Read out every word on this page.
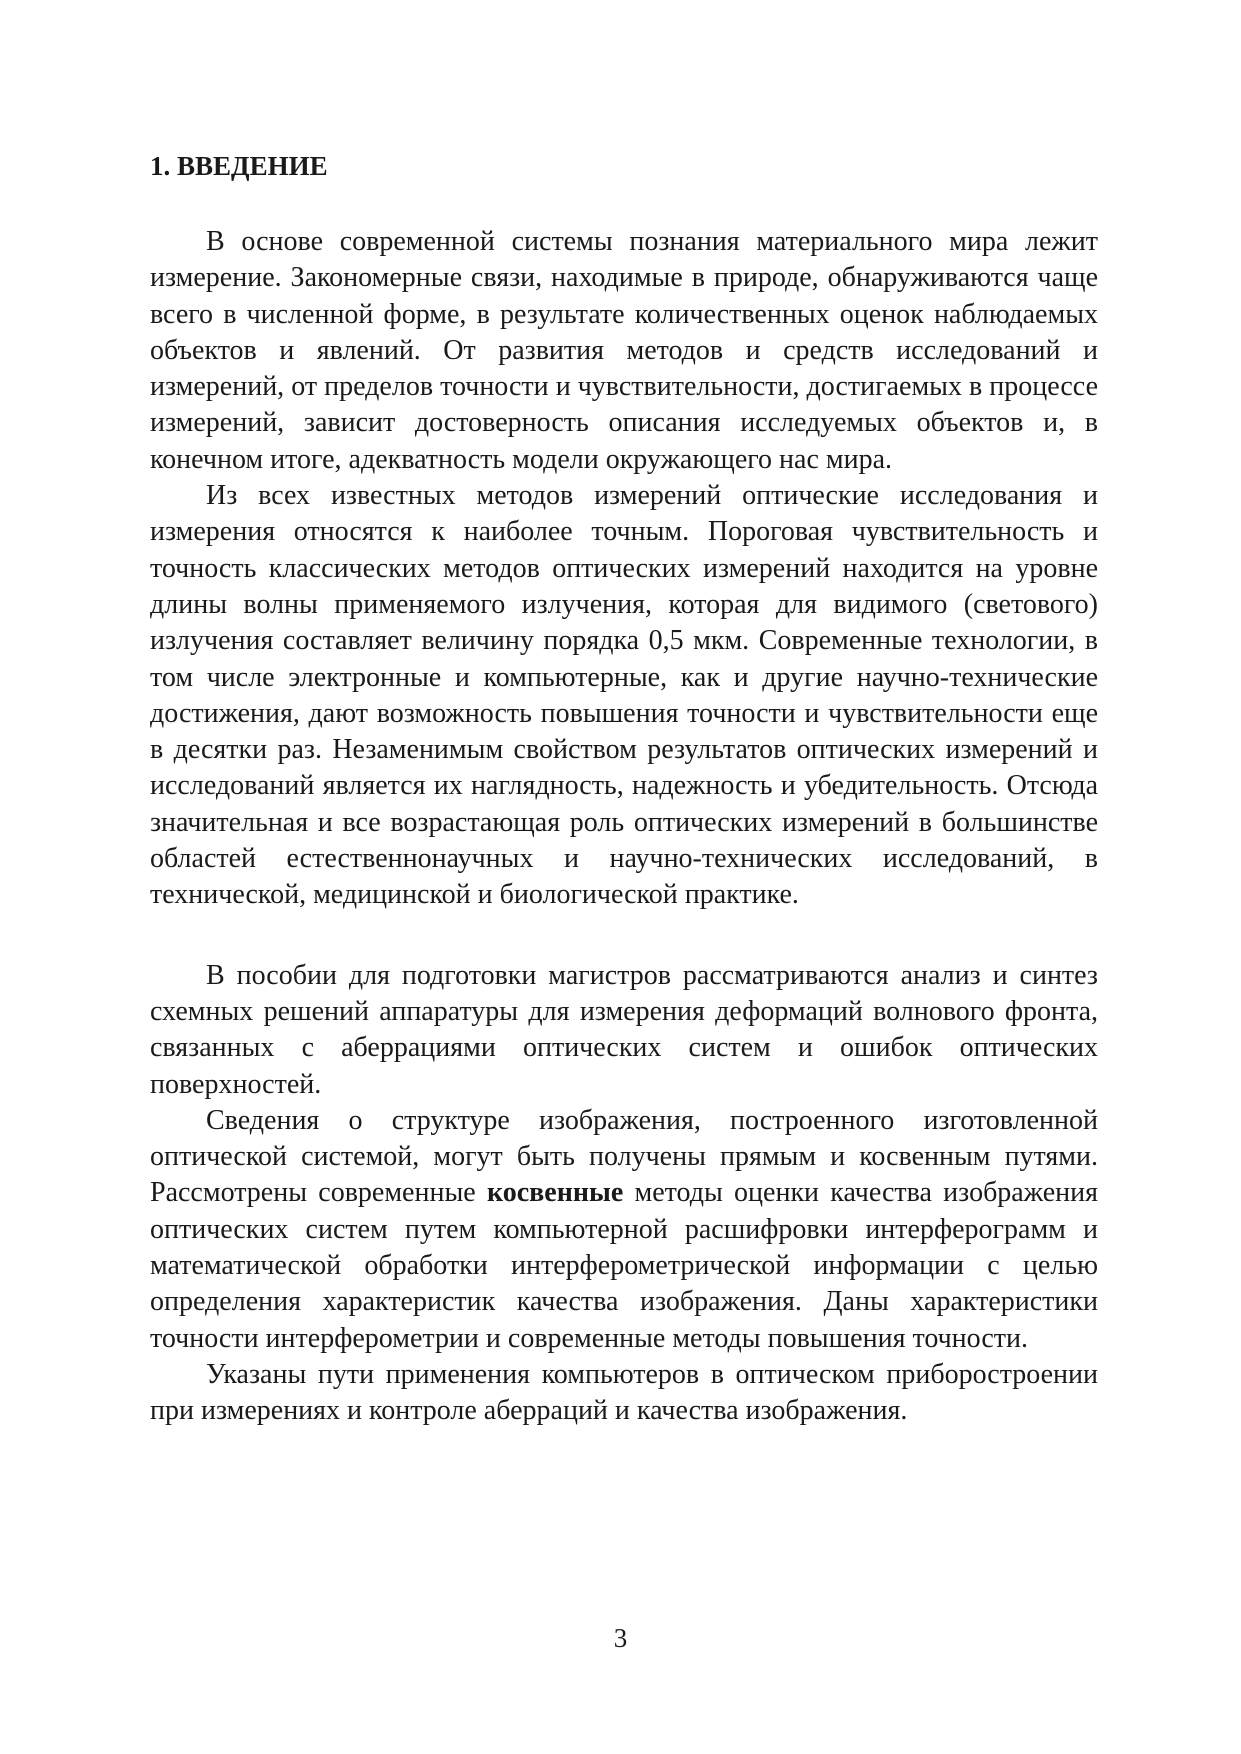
1. ВВЕДЕНИЕ

В основе современной системы познания материального мира лежит измерение. Закономерные связи, находимые в природе, обнаруживаются чаще всего в численной форме, в результате количественных оценок наблюдаемых объектов и явлений. От развития методов и средств исследований и измерений, от пределов точности и чувствительности, достигаемых в процессе измерений, зависит достоверность описания исследуемых объектов и, в конечном итоге, адекватность модели окружающего нас мира.

Из всех известных методов измерений оптические исследования и измерения относятся к наиболее точным. Пороговая чувствительность и точность классических методов оптических измерений находится на уровне длины волны применяемого излучения, которая для видимого (светового) излучения составляет величину порядка 0,5 мкм. Современные технологии, в том числе электронные и компьютерные, как и другие научно-технические достижения, дают возможность повышения точности и чувствительности еще в десятки раз. Незаменимым свойством результатов оптических измерений и исследований является их наглядность, надежность и убедительность. Отсюда значительная и все возрастающая роль оптических измерений в большинстве областей естественнонаучных и научно-технических исследований, в технической, медицинской и биологической практике.

В пособии для подготовки магистров рассматриваются анализ и синтез схемных решений аппаратуры для измерения деформаций волнового фронта, связанных с аберрациями оптических систем и ошибок оптических поверхностей.

Сведения о структуре изображения, построенного изготовленной оптической системой, могут быть получены прямым и косвенным путями. Рассмотрены современные косвенные методы оценки качества изображения оптических систем путем компьютерной расшифровки интерферограмм и математической обработки интерферометрической информации с целью определения характеристик качества изображения. Даны характеристики точности интерферометрии и современные методы повышения точности.

Указаны пути применения компьютеров в оптическом приборостроении при измерениях и контроле аберраций и качества изображения.

3
